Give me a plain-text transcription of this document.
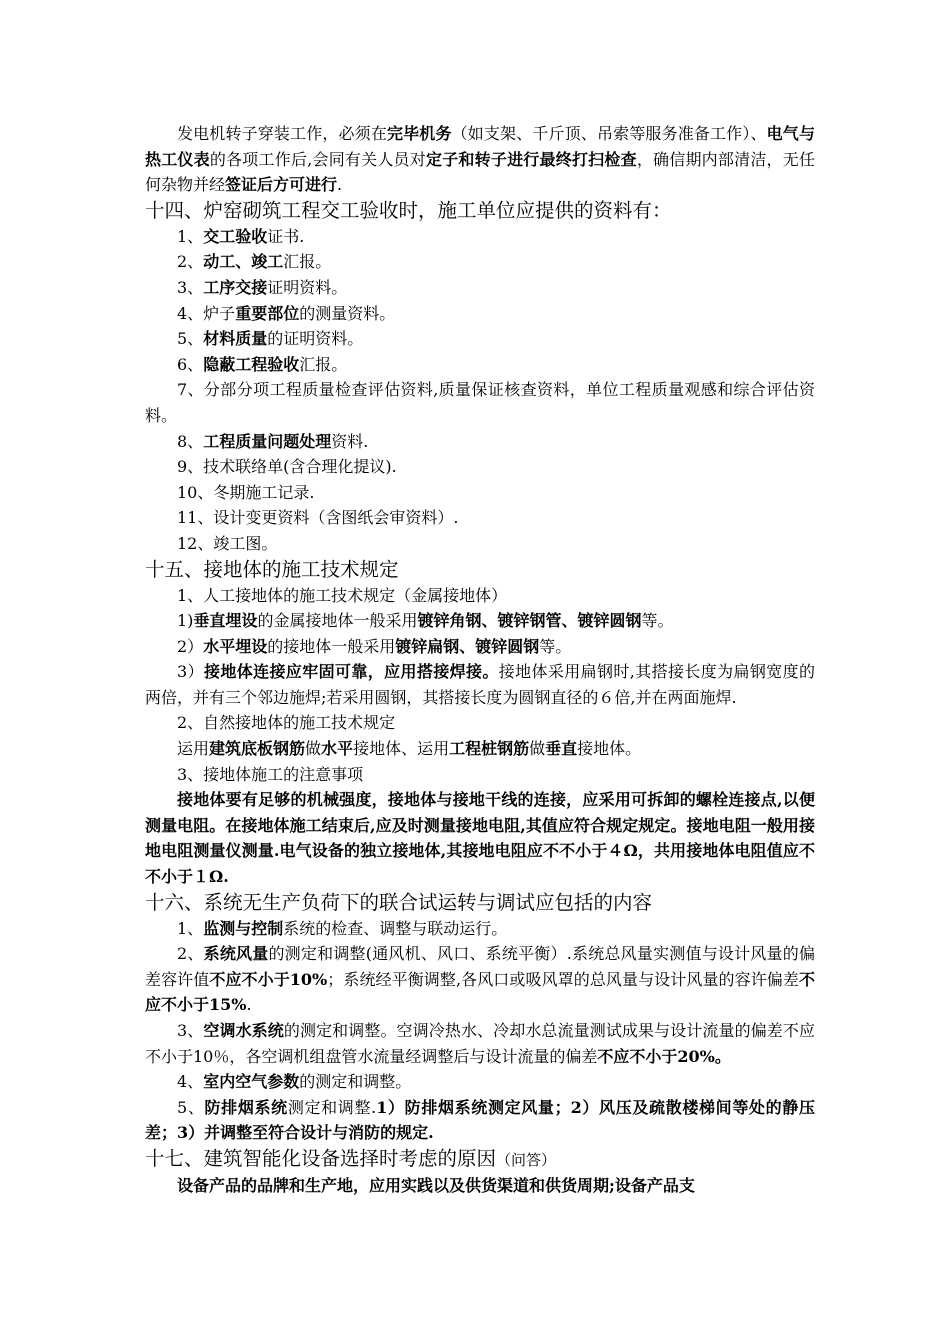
发电机转子穿装工作，必须在完毕机务（如支架、千斤顶、吊索等服务准备工作）、电气与热工仪表的各项工作后,会同有关人员对定子和转子进行最终打扫检查，确信期内部清洁，无任何杂物并经签证后方可进行.

十四、炉窑砌筑工程交工验收时，施工单位应提供的资料有：

1、交工验收证书.

2、动工、竣工汇报。

3、工序交接证明资料。

4、炉子重要部位的测量资料。

5、材料质量的证明资料。

6、隐蔽工程验收汇报。

7、分部分项工程质量检查评估资料,质量保证核查资料，单位工程质量观感和综合评估资料。

8、工程质量问题处理资料.

9、技术联络单(含合理化提议).

10、冬期施工记录.

11、设计变更资料（含图纸会审资料）.

12、竣工图。

十五、接地体的施工技术规定

1、人工接地体的施工技术规定（金属接地体）

1)垂直埋设的金属接地体一般采用镀锌角钢、镀锌钢管、镀锌圆钢等。

2）水平埋设的接地体一般采用镀锌扁钢、镀锌圆钢等。

3）接地体连接应牢固可靠，应用搭接焊接。接地体采用扁钢时,其搭接长度为扁钢宽度的两倍，并有三个邻边施焊;若采用圆钢，其搭接长度为圆钢直径的６倍,并在两面施焊.

2、自然接地体的施工技术规定

运用建筑底板钢筋做水平接地体、运用工程桩钢筋做垂直接地体。

3、接地体施工的注意事项

接地体要有足够的机械强度，接地体与接地干线的连接，应采用可拆卸的螺栓连接点,以便测量电阻。在接地体施工结束后,应及时测量接地电阻,其值应符合规定规定。接地电阻一般用接地电阻测量仪测量.电气设备的独立接地体,其接地电阻应不不小于４Ω，共用接地体电阻值应不不小于１Ω.

十六、系统无生产负荷下的联合试运转与调试应包括的内容

1、监测与控制系统的检查、调整与联动运行。

2、系统风量的测定和调整(通风机、风口、系统平衡）.系统总风量实测值与设计风量的偏差容许值不应不小于10%；系统经平衡调整,各风口或吸风罩的总风量与设计风量的容许偏差不应不小于15%.

3、空调水系统的测定和调整。空调冷热水、冷却水总流量测试成果与设计流量的偏差不应不小于10％，各空调机组盘管水流量经调整后与设计流量的偏差不应不小于20%。

4、室内空气参数的测定和调整。

5、防排烟系统测定和调整.1）防排烟系统测定风量；2）风压及疏散楼梯间等处的静压差；3）并调整至符合设计与消防的规定.

十七、建筑智能化设备选择时考虑的原因（问答）

设备产品的品牌和生产地，应用实践以及供货渠道和供货周期;设备产品支
